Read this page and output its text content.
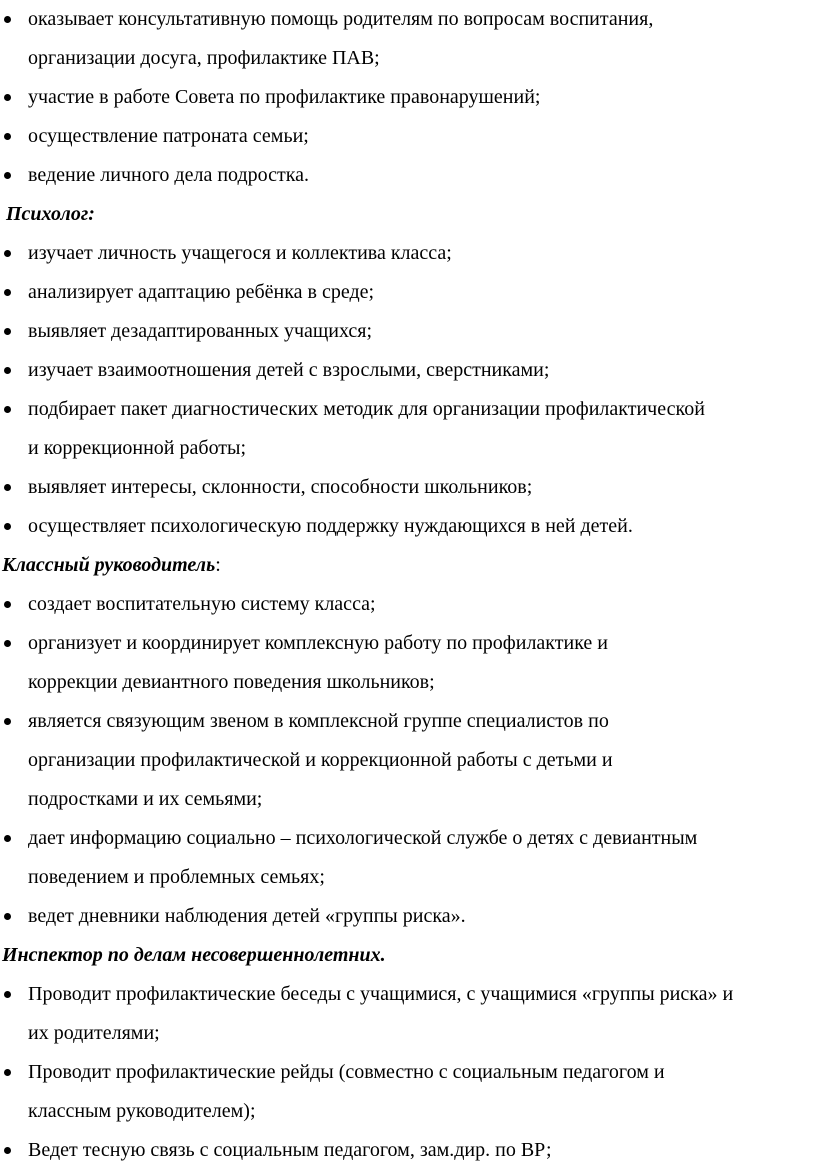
оказывает консультативную помощь родителям по вопросам воспитания,
организации досуга, профилактике ПАВ;
участие в работе Совета по профилактике правонарушений;
осуществление патроната семьи;
ведение личного дела подростка.
Психолог:
изучает личность учащегося и коллектива класса;
анализирует адаптацию ребёнка в среде;
выявляет дезадаптированных учащихся;
изучает взаимоотношения детей с взрослыми, сверстниками;
подбирает пакет диагностических методик для организации профилактической
и коррекционной работы;
выявляет интересы, склонности, способности школьников;
осуществляет психологическую поддержку нуждающихся в ней детей.
Классный руководитель:
создает воспитательную систему класса;
организует и координирует комплексную работу по профилактике и
коррекции девиантного поведения школьников;
является связующим звеном в комплексной группе специалистов по
организации профилактической и коррекционной работы с детьми и
подростками и их семьями;
дает информацию социально – психологической службе о детях с девиантным
поведением и проблемных семьях;
ведет дневники наблюдения детей «группы риска».
Инспектор по делам несовершеннолетних.
Проводит профилактические беседы с учащимися, с учащимися «группы риска» и
их родителями;
Проводит профилактические рейды (совместно с социальным педагогом и
классным руководителем);
Ведет тесную связь с социальным педагогом, зам.дир. по ВР;
